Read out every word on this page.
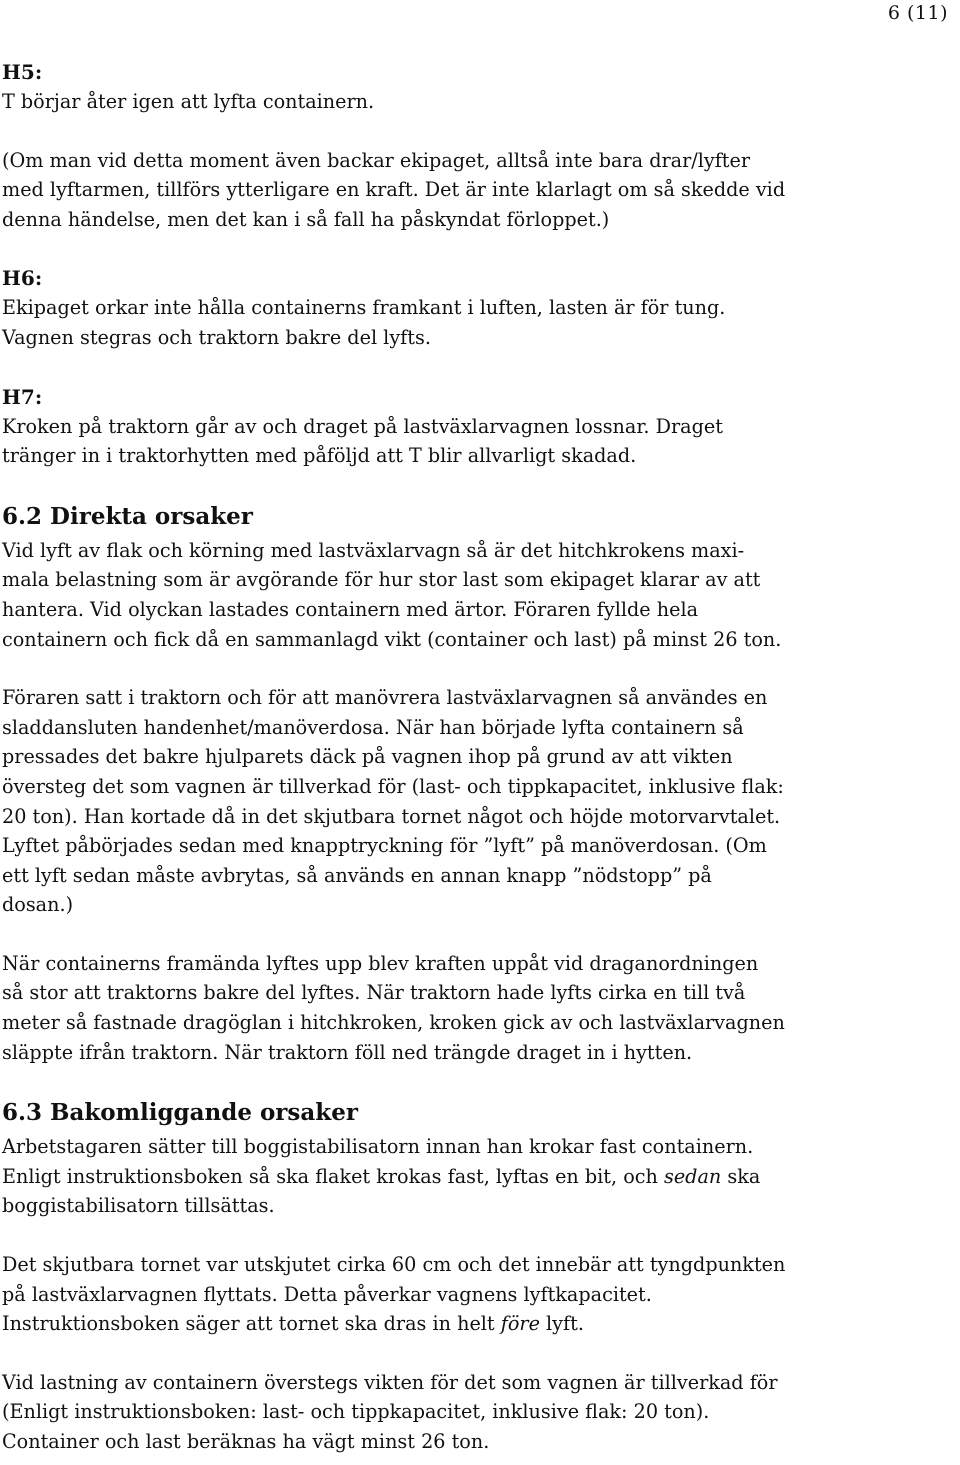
6 (11)
H5:

T börjar åter igen att lyfta containern.

(Om man vid detta moment även backar ekipaget, alltså inte bara drar/lyfter
med lyftarmen, tillförs ytterligare en kraft. Det är inte klarlagt om så skedde vid
denna händelse, men det kan i så fall ha påskyndat förloppet.)

H6:

Ekipaget orkar inte hålla containerns framkant i luften, lasten är för tung.
Vagnen stegras och traktorn bakre del lyfts.

H7:

Kroken på traktorn går av och draget på lastväxlarvagnen lossnar. Draget
tränger in i traktorhytten med påföljd att T blir allvarligt skadad.

6.2 Direkta orsaker

Vid lyft av flak och körning med lastväxlarvagn så är det hitchkrokens maxi-
mala belastning som är avgörande för hur stor last som ekipaget klarar av att
hantera. Vid olyckan lastades containern med ärtor. Föraren fyllde hela
containern och fick då en sammanlagd vikt (container och last) på minst 26 ton.

Föraren satt i traktorn och för att manövrera lastväxlarvagnen så användes en
sladdansluten handenhet/manöverdosa. När han började lyfta containern så
pressades det bakre hjulparets däck på vagnen ihop på grund av att vikten
översteg det som vagnen är tillverkad för (last- och tippkapacitet, inklusive flak:
20 ton). Han kortade då in det skjutbara tornet något och höjde motorvarvtalet.
Lyftet påbörjades sedan med knapptryckning för ”lyft” på manöverdosan. (Om
ett lyft sedan måste avbrytas, så används en annan knapp ”nödstopp” på
dosan.)

När containerns framända lyftes upp blev kraften uppåt vid draganordningen
så stor att traktorns bakre del lyftes. När traktorn hade lyfts cirka en till två
meter så fastnade dragöglan i hitchkroken, kroken gick av och lastväxlarvagnen
släppte ifrån traktorn. När traktorn föll ned trängde draget in i hytten.

6.3 Bakomliggande orsaker

Arbetstagaren sätter till boggistabilisatorn innan han krokar fast containern.
Enligt instruktionsboken så ska flaket krokas fast, lyftas en bit, och sedan ska
boggistabilisatorn tillsättas.

Det skjutbara tornet var utskjutet cirka 60 cm och det innebär att tyngdpunkten
på lastväxlarvagnen flyttats. Detta påverkar vagnens lyftkapacitet.
Instruktionsboken säger att tornet ska dras in helt före lyft.

Vid lastning av containern överstegs vikten för det som vagnen är tillverkad för
(Enligt instruktionsboken: last- och tippkapacitet, inklusive flak: 20 ton).
Container och last beräknas ha vägt minst 26 ton.
